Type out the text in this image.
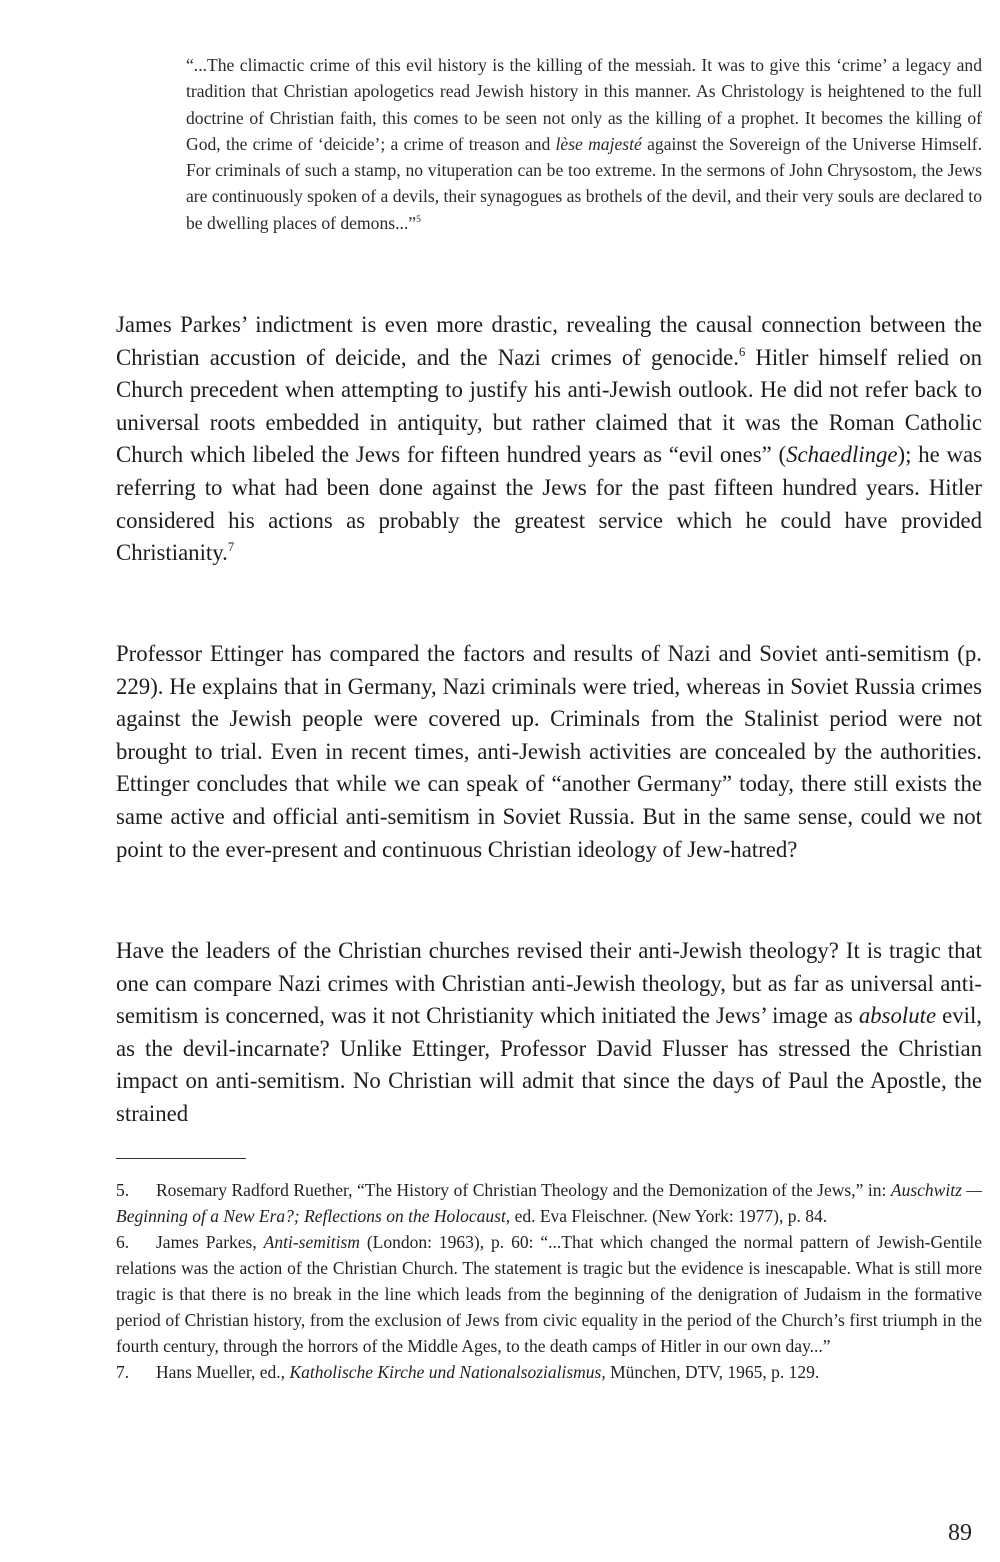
“...The climactic crime of this evil history is the killing of the messiah. It was to give this ‘crime’ a legacy and tradition that Christian apologetics read Jewish history in this manner. As Christology is heightened to the full doctrine of Christian faith, this comes to be seen not only as the killing of a prophet. It becomes the killing of God, the crime of ‘deicide’; a crime of treason and lèse majesté against the Sovereign of the Universe Himself. For criminals of such a stamp, no vituperation can be too extreme. In the sermons of John Chrysostom, the Jews are continuously spoken of a devils, their synagogues as brothels of the devil, and their very souls are declared to be dwelling places of demons...”$^5$
James Parkes’ indictment is even more drastic, revealing the causal connection between the Christian accustion of deicide, and the Nazi crimes of genocide.$^6$ Hitler himself relied on Church precedent when attempting to justify his anti-Jewish outlook. He did not refer back to universal roots embedded in antiquity, but rather claimed that it was the Roman Catholic Church which libeled the Jews for fifteen hundred years as “evil ones” (Schaedlinge); he was referring to what had been done against the Jews for the past fifteen hundred years. Hitler considered his actions as probably the greatest service which he could have provided Christianity.$^7$
Professor Ettinger has compared the factors and results of Nazi and Soviet anti-semitism (p. 229). He explains that in Germany, Nazi criminals were tried, whereas in Soviet Russia crimes against the Jewish people were covered up. Criminals from the Stalinist period were not brought to trial. Even in recent times, anti-Jewish activities are concealed by the authorities. Ettinger concludes that while we can speak of “another Germany” today, there still exists the same active and official anti-semitism in Soviet Russia. But in the same sense, could we not point to the ever-present and continuous Christian ideology of Jew-hatred?
Have the leaders of the Christian churches revised their anti-Jewish theology? It is tragic that one can compare Nazi crimes with Christian anti-Jewish theology, but as far as universal anti-semitism is concerned, was it not Christianity which initiated the Jews’ image as absolute evil, as the devil-incarnate? Unlike Ettinger, Professor David Flusser has stressed the Christian impact on anti-semitism. No Christian will admit that since the days of Paul the Apostle, the strained

5. Rosemary Radford Ruether, “The History of Christian Theology and the Demonization of the Jews,” in: Auschwitz — Beginning of a New Era?; Reflections on the Holocaust, ed. Eva Fleischner. (New York: 1977), p. 84.

6. James Parkes, Anti-semitism (London: 1963), p. 60: “...That which changed the normal pattern of Jewish-Gentile relations was the action of the Christian Church. The statement is tragic but the evidence is inescapable. What is still more tragic is that there is no break in the line which leads from the beginning of the denigration of Judaism in the formative period of Christian history, from the exclusion of Jews from civic equality in the period of the Church’s first triumph in the fourth century, through the horrors of the Middle Ages, to the death camps of Hitler in our own day...”

7. Hans Mueller, ed., Katholische Kirche und Nationalsozialismus, München, DTV, 1965, p. 129.

89
